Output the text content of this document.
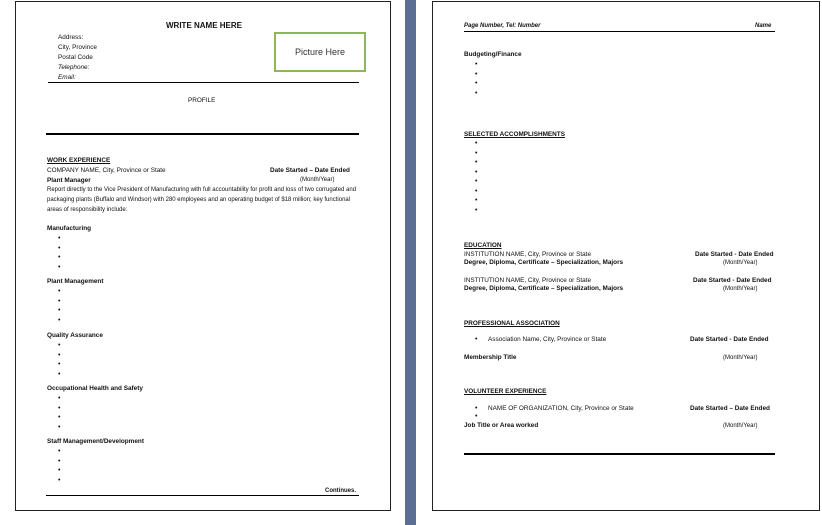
WRITE NAME HERE
Address:
City, Province
Postal Code
Telephone:
Email:
Picture Here
PROFILE
WORK EXPERIENCE
COMPANY NAME, City, Province or State	Date Started – Date Ended
Plant Manager	(Month/Year)
Report directly to the Vice President of Manufacturing with full accountability for profit and loss of two corrugated and packaging plants (Buffalo and Windsor) with 280 employees and an operating budget of $18 million; key functional areas of responsibility include:
Manufacturing
•
•
•
•
Plant Management
•
•
•
•
Quality Assurance
•
•
•
•
Occupational Health and Safety
•
•
•
•
Staff Management/Development
•
•
•
•
Continues.
Page Number, Tel: Number	Name
Budgeting/Finance
•
•
•
•
SELECTED ACCOMPLISHMENTS
•
•
•
•
•
•
•
•
EDUCATION
INSTITUTION NAME, City, Province or State	Date Started - Date Ended
Degree, Diploma, Certificate – Specialization, Majors	(Month/Year)
INSTITUTION NAME, City, Province or State	Date Started - Date Ended
Degree, Diploma, Certificate – Specialization, Majors	(Month/Year)
PROFESSIONAL ASSOCIATION
• Association Name, City, Province or State	Date Started - Date Ended
Membership Title	(Month/Year)
VOLUNTEER EXPERIENCE
•
•
NAME OF ORGANIZATION, City, Province or State	Date Started – Date Ended
Job Title or Area worked	(Month/Year)
